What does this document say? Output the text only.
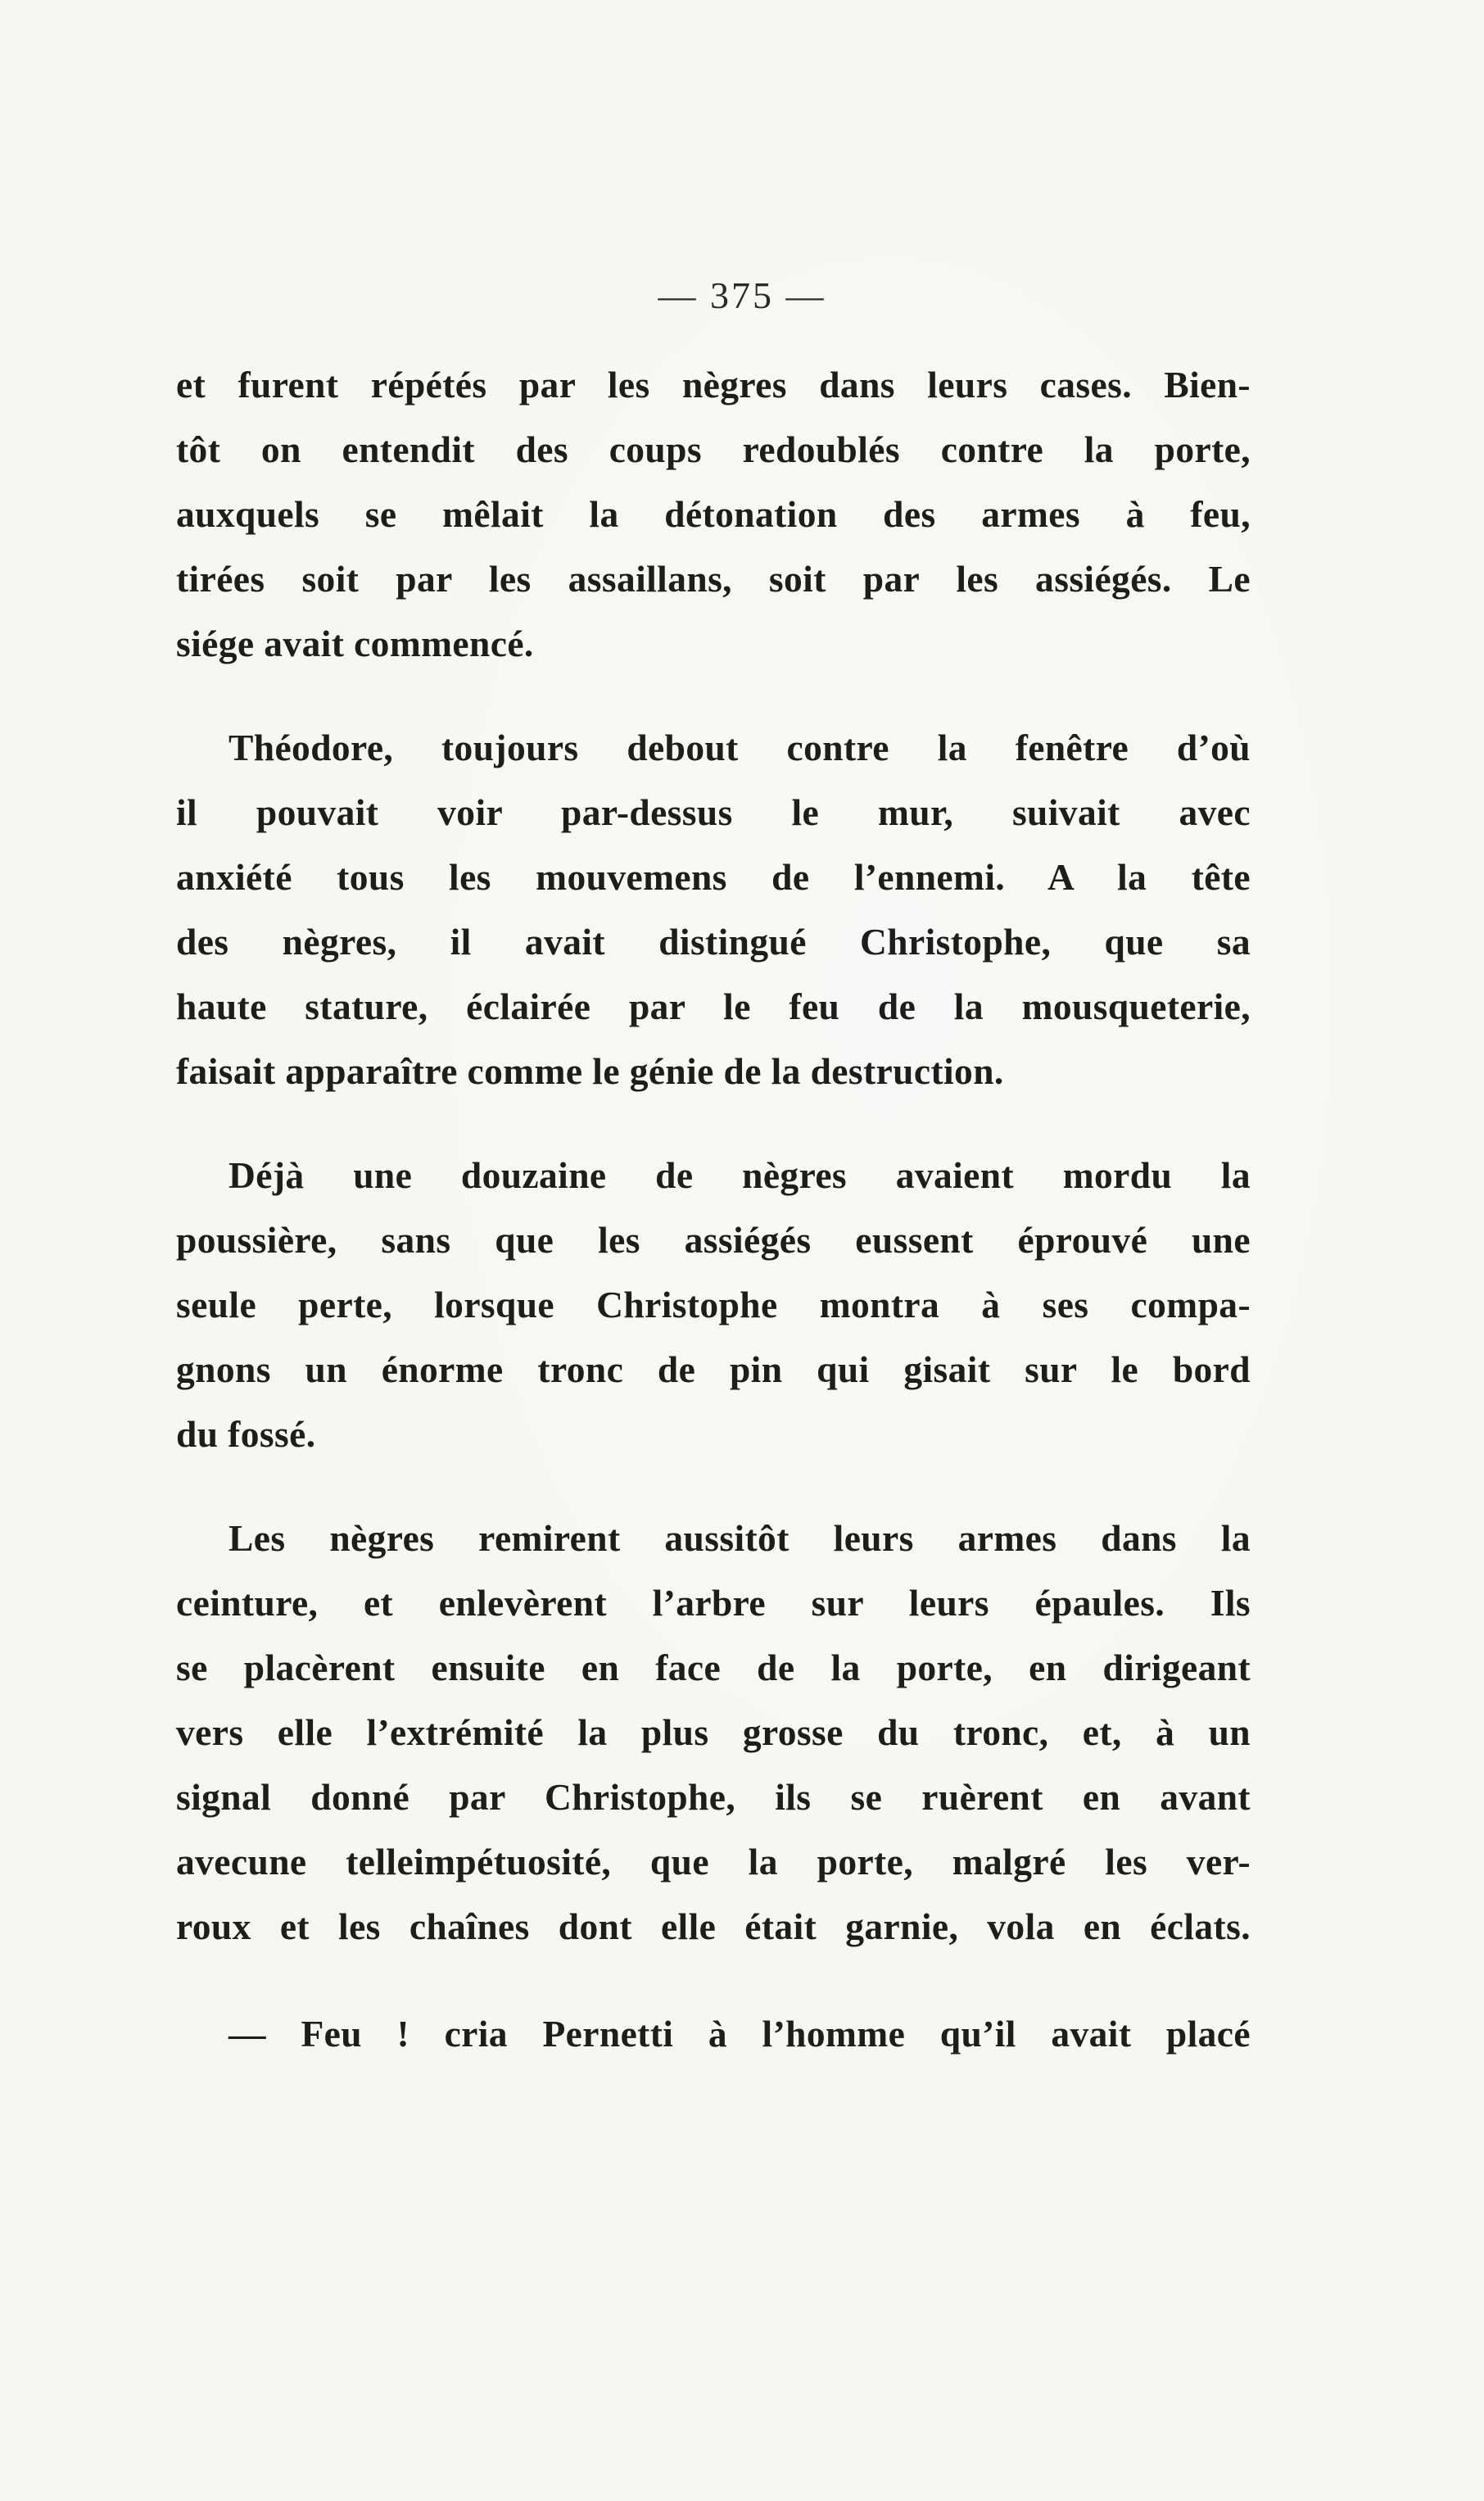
— 375 —
et furent répétés par les nègres dans leurs cases. Bien-
tôt on entendit des coups redoublés contre la porte,
auxquels se mêlait la détonation des armes à feu,
tirées soit par les assaillans, soit par les assiégés. Le
siége avait commencé.
Théodore, toujours debout contre la fenêtre d’où
il pouvait voir par-dessus le mur, suivait avec
anxiété tous les mouvemens de l’ennemi. A la tête
des nègres, il avait distingué Christophe, que sa
haute stature, éclairée par le feu de la mousqueterie,
faisait apparaître comme le génie de la destruction.
Déjà une douzaine de nègres avaient mordu la
poussière, sans que les assiégés eussent éprouvé une
seule perte, lorsque Christophe montra à ses compa-
gnons un énorme tronc de pin qui gisait sur le bord
du fossé.
Les nègres remirent aussitôt leurs armes dans la
ceinture, et enlevèrent l’arbre sur leurs épaules. Ils
se placèrent ensuite en face de la porte, en dirigeant
vers elle l’extrémité la plus grosse du tronc, et, à un
signal donné par Christophe, ils se ruèrent en avant
avecune telleimpétuosité, que la porte, malgré les ver-
roux et les chaînes dont elle était garnie, vola en éclats.
— Feu ! cria Pernetti à l’homme qu’il avait placé
